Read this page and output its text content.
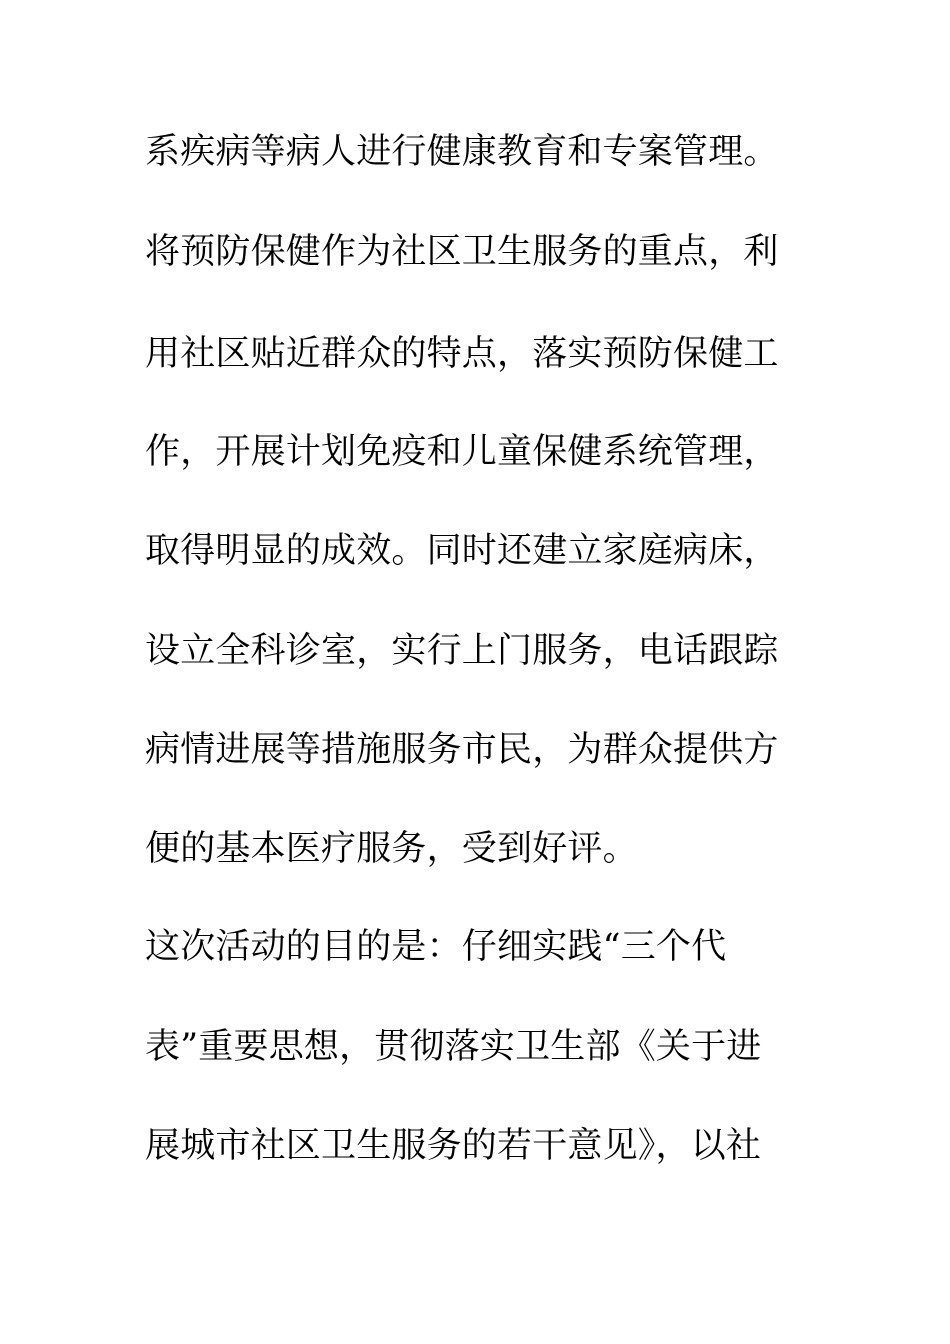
系疾病等病人进行健康教育和专案管理。
将预防保健作为社区卫生服务的重点，利
用社区贴近群众的特点，落实预防保健工
作，开展计划免疫和儿童保健系统管理，
取得明显的成效。同时还建立家庭病床，
设立全科诊室，实行上门服务，电话跟踪
病情进展等措施服务市民，为群众提供方
便的基本医疗服务，受到好评。
这次活动的目的是：仔细实践“三个代
表”重要思想，贯彻落实卫生部《关于进
展城市社区卫生服务的若干意见》，以社
